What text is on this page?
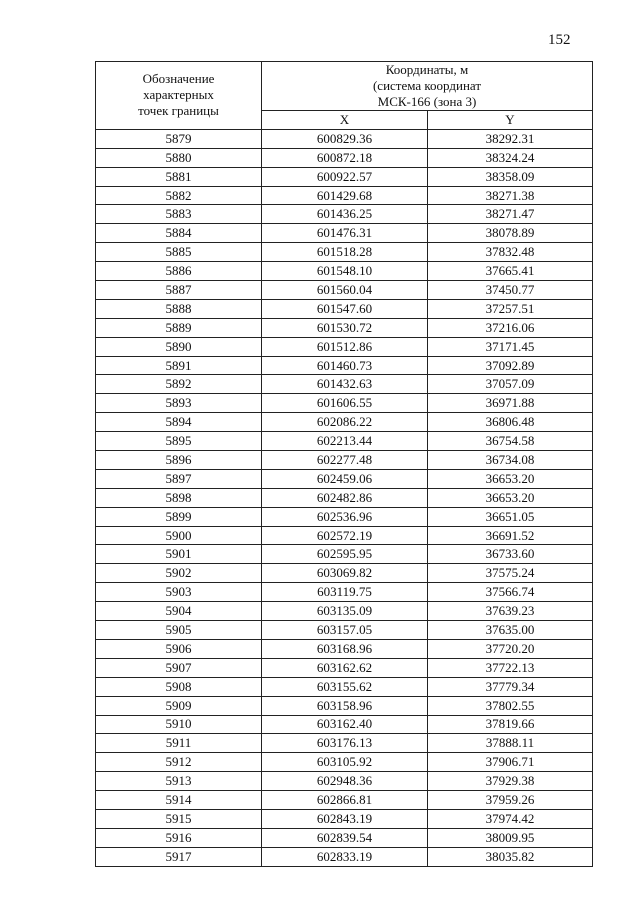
152
Обозначение
характерных
точек границы	Координаты, м
(система координат
МСК-166 (зона 3)	

	X	Y
5879	600829.36	38292.31
5880	600872.18	38324.24
5881	600922.57	38358.09
5882	601429.68	38271.38
5883	601436.25	38271.47
5884	601476.31	38078.89
5885	601518.28	37832.48
5886	601548.10	37665.41
5887	601560.04	37450.77
5888	601547.60	37257.51
5889	601530.72	37216.06
5890	601512.86	37171.45
5891	601460.73	37092.89
5892	601432.63	37057.09
5893	601606.55	36971.88
5894	602086.22	36806.48
5895	602213.44	36754.58
5896	602277.48	36734.08
5897	602459.06	36653.20
5898	602482.86	36653.20
5899	602536.96	36651.05
5900	602572.19	36691.52
5901	602595.95	36733.60
5902	603069.82	37575.24
5903	603119.75	37566.74
5904	603135.09	37639.23
5905	603157.05	37635.00
5906	603168.96	37720.20
5907	603162.62	37722.13
5908	603155.62	37779.34
5909	603158.96	37802.55
5910	603162.40	37819.66
5911	603176.13	37888.11
5912	603105.92	37906.71
5913	602948.36	37929.38
5914	602866.81	37959.26
5915	602843.19	37974.42
5916	602839.54	38009.95
5917	602833.19	38035.82
